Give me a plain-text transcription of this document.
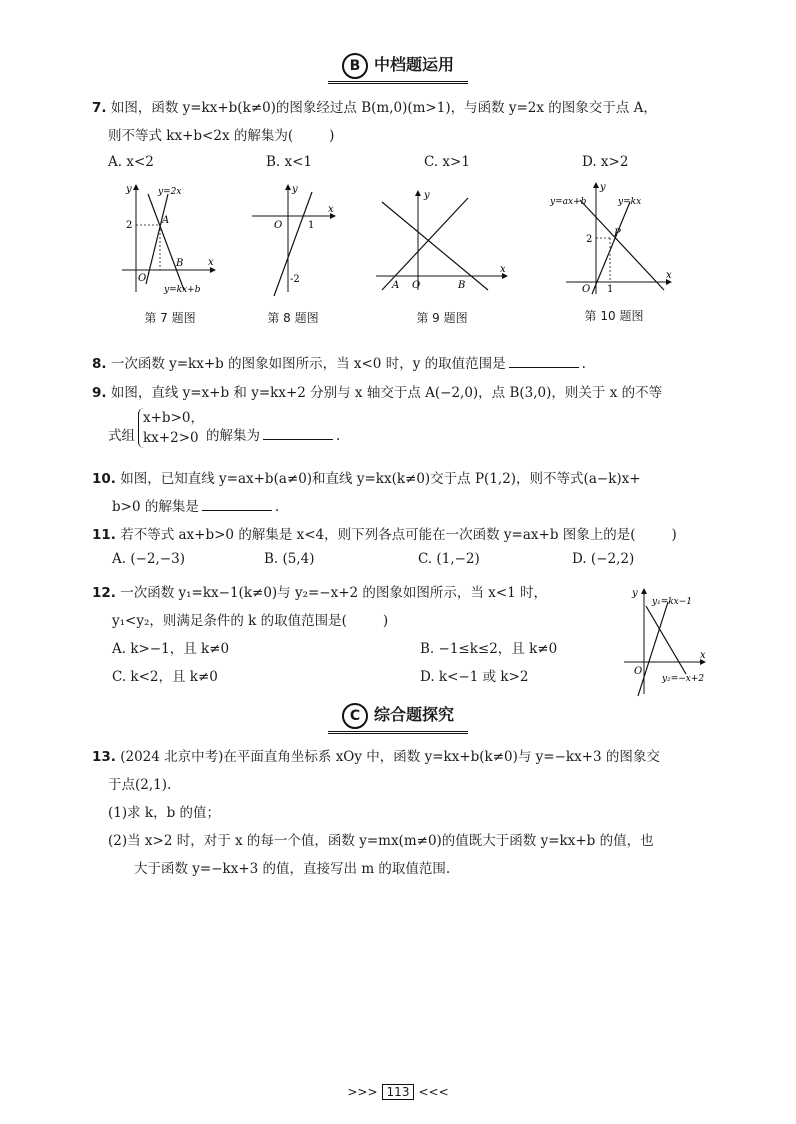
B 中档题运用
7. 如图，函数 y=kx+b(k≠0)的图象经过点 B(m,0)(m>1)，与函数 y=2x 的图象交于点 A，
则不等式 kx+b<2x 的解集为(	)
A. x<2	B. x<1	C. x>1	D. x>2
y
x
O
2	A
B
y=2x
y=kx+b
第 7 题图
y
x
O	1
-2
第 8 题图
y
x
O
A	B
第 9 题图
y
x
O
2
1
P
y=ax+b	y=kx
第 10 题图
8. 一次函数 y=kx+b 的图象如图所示，当 x<0 时，y 的取值范围是	.
9. 如图，直线 y=x+b 和 y=kx+2 分别与 x 轴交于点 A(−2,0)，点 B(3,0)，则关于 x 的不等
式组
x+b>0，
kx+2>0 的解集为	.
10. 如图，已知直线 y=ax+b(a≠0)和直线 y=kx(k≠0)交于点 P(1,2)，则不等式(a−k)x+
b>0 的解集是	.
11. 若不等式 ax+b>0 的解集是 x<4，则下列各点可能在一次函数 y=ax+b 图象上的是(	)
A. (−2,−3)	B. (5,4)	C. (1,−2)	D. (−2,2)
12. 一次函数 y₁=kx−1(k≠0)与 y₂=−x+2 的图象如图所示，当 x<1 时，
y₁<y₂，则满足条件的 k 的取值范围是(	)
A. k>−1，且 k≠0	B. −1≤k≤2，且 k≠0
C. k<2，且 k≠0	D. k<−1 或 k>2
y
x
O
y₁=kx−1
y₂=−x+2
C 综合题探究
13. (2024 北京中考)在平面直角坐标系 xOy 中，函数 y=kx+b(k≠0)与 y=−kx+3 的图象交
于点(2,1).
(1)求 k，b 的值；
(2)当 x>2 时，对于 x 的每一个值，函数 y=mx(m≠0)的值既大于函数 y=kx+b 的值，也
大于函数 y=−kx+3 的值，直接写出 m 的取值范围.
>>> 113 <<<
